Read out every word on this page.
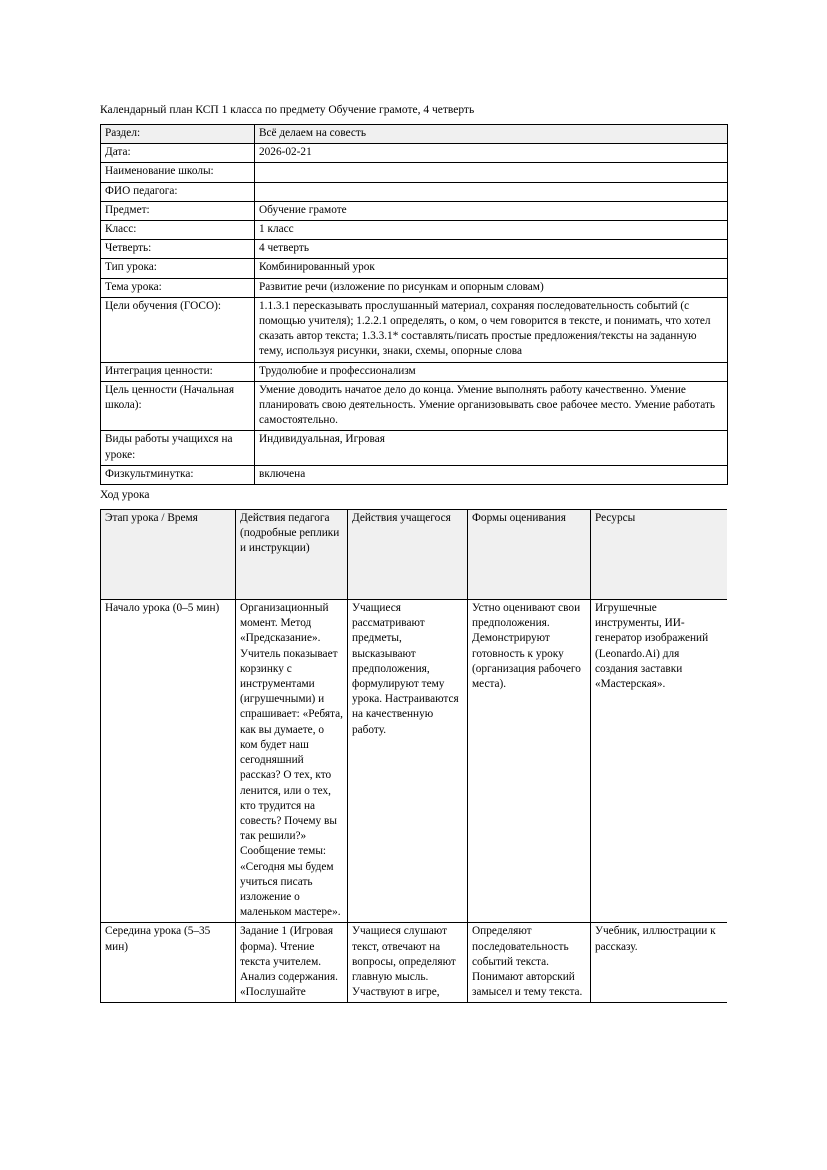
Календарный план КСП 1 класса по предмету Обучение грамоте, 4 четверть

Раздел:	Всё делаем на совесть
Дата:	2026-02-21
Наименование школы:	
ФИО педагога:	
Предмет:	Обучение грамоте
Класс:	1 класс
Четверть:	4 четверть
Тип урока:	Комбинированный урок
Тема урока:	Развитие речи (изложение по рисункам и опорным словам)
Цели обучения (ГОСО):	1.1.3.1 пересказывать прослушанный материал, сохраняя последовательность событий (с помощью учителя); 1.2.2.1 определять, о ком, о чем говорится в тексте, и понимать, что хотел сказать автор текста; 1.3.3.1* составлять/писать простые предложения/тексты на заданную тему, используя рисунки, знаки, схемы, опорные слова
Интеграция ценности:	Трудолюбие и профессионализм
Цель ценности (Начальная школа):	Умение доводить начатое дело до конца. Умение выполнять работу качественно. Умение планировать свою деятельность. Умение организовывать свое рабочее место. Умение работать самостоятельно.
Виды работы учащихся на уроке:	Индивидуальная, Игровая
Физкультминутка:	включена

Ход урока

Этап урока / Время	Действия педагога (подробные реплики и инструкции)	Действия учащегося	Формы оценивания	Ресурсы
Начало урока (0–5 мин)	Организационный момент. Метод «Предсказание». Учитель показывает корзинку с инструментами (игрушечными) и спрашивает: «Ребята, как вы думаете, о ком будет наш сегодняшний рассказ? О тех, кто ленится, или о тех, кто трудится на совесть? Почему вы так решили?» Сообщение темы: «Сегодня мы будем учиться писать изложение о маленьком мастере».	Учащиеся рассматривают предметы, высказывают предположения, формулируют тему урока. Настраиваются на качественную работу.	Устно оценивают свои предположения. Демонстрируют готовность к уроку (организация рабочего места).	Игрушечные инструменты, ИИ-генератор изображений (Leonardo.Ai) для создания заставки «Мастерская».
Середина урока (5–35 мин)	Задание 1 (Игровая форма). Чтение текста учителем. Анализ содержания. «Послушайте	Учащиеся слушают текст, отвечают на вопросы, определяют главную мысль. Участвуют в игре,	Определяют последовательность событий текста. Понимают авторский замысел и тему текста.	Учебник, иллюстрации к рассказу.
